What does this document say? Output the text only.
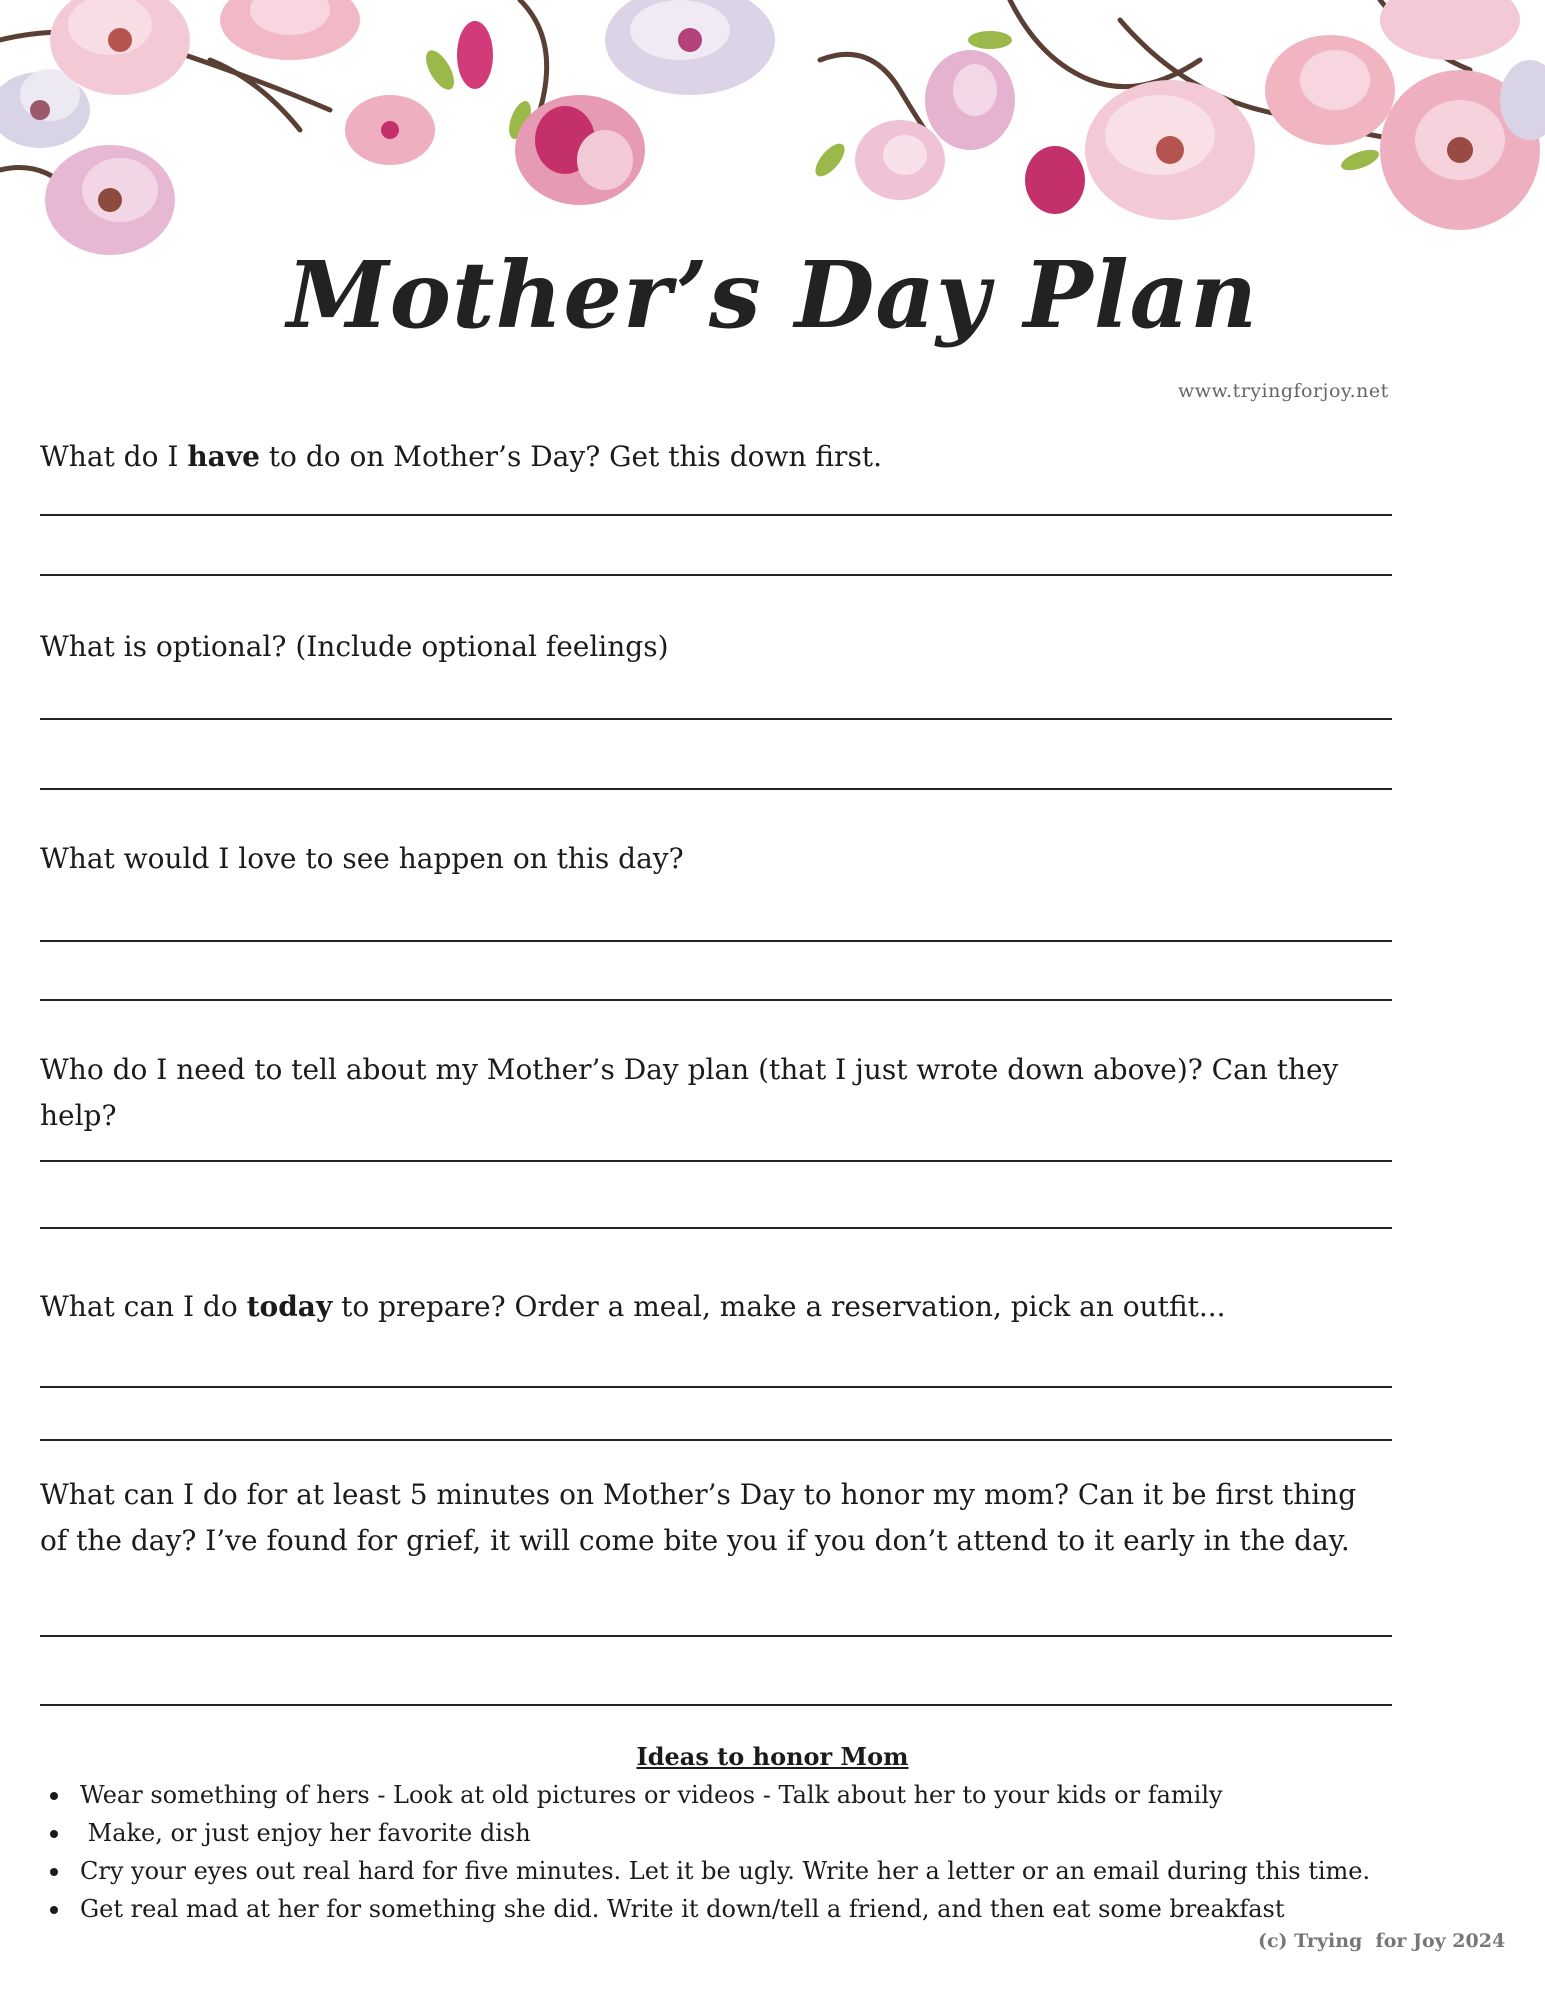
Mother’s Day Plan
www.tryingforjoy.net

What do I have to do on Mother’s Day? Get this down first.

What is optional? (Include optional feelings)

What would I love to see happen on this day?

Who do I need to tell about my Mother’s Day plan (that I just wrote down above)? Can they help?

What can I do today to prepare? Order a meal, make a reservation, pick an outfit...

What can I do for at least 5 minutes on Mother’s Day to honor my mom? Can it be first thing of the day? I’ve found for grief, it will come bite you if you don’t attend to it early in the day.

Ideas to honor Mom
Wear something of hers - Look at old pictures or videos - Talk about her to your kids or family
Make, or just enjoy her favorite dish
Cry your eyes out real hard for five minutes. Let it be ugly. Write her a letter or an email during this time.
Get real mad at her for something she did. Write it down/tell a friend, and then eat some breakfast
(c) Trying  for Joy 2024
